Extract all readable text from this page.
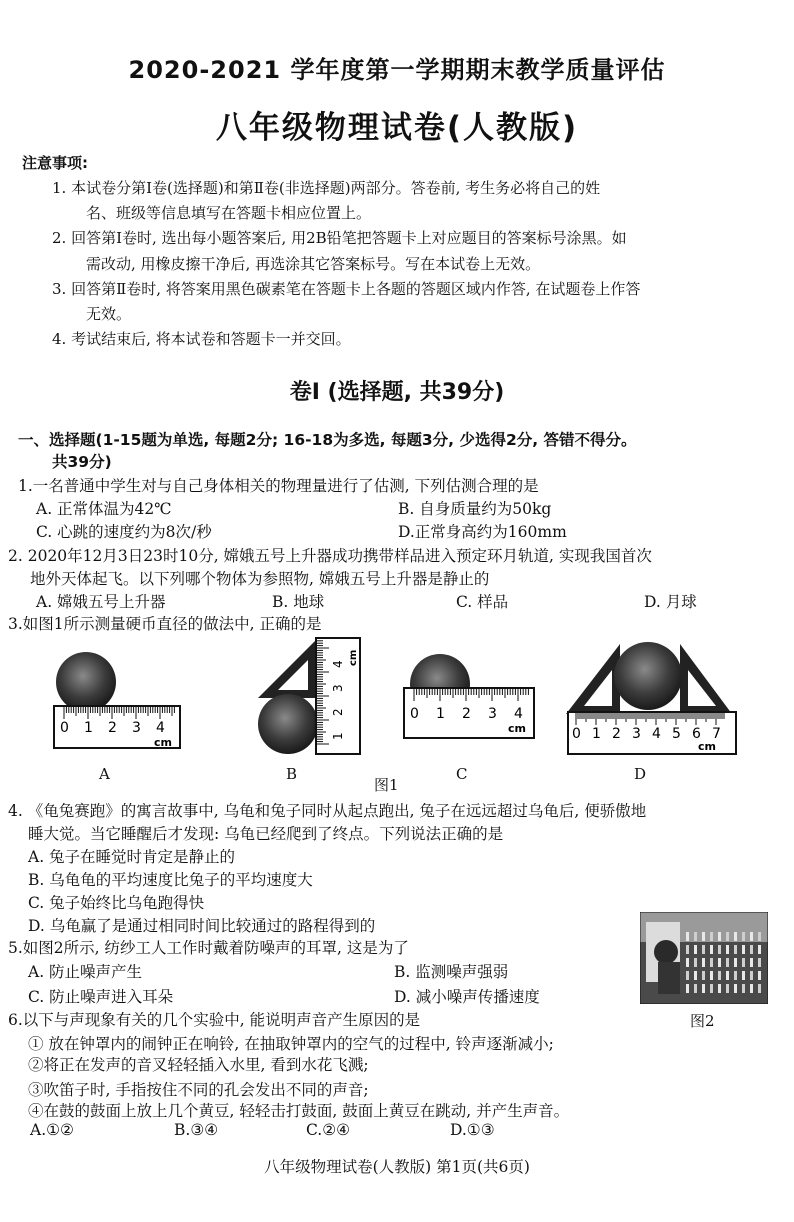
2020-2021 学年度第一学期期末教学质量评估
八年级物理试卷(人教版)
注意事项:
1. 本试卷分第Ⅰ卷(选择题)和第Ⅱ卷(非选择题)两部分。答卷前, 考生务必将自己的姓
名、班级等信息填写在答题卡相应位置上。
2. 回答第Ⅰ卷时, 选出每小题答案后, 用2B铅笔把答题卡上对应题目的答案标号涂黑。如
需改动, 用橡皮擦干净后, 再选涂其它答案标号。写在本试卷上无效。
3. 回答第Ⅱ卷时, 将答案用黑色碳素笔在答题卡上各题的答题区域内作答, 在试题卷上作答
无效。
4. 考试结束后, 将本试卷和答题卡一并交回。
卷I (选择题, 共39分)
一、选择题(1-15题为单选, 每题2分; 16-18为多选, 每题3分, 少选得2分, 答错不得分。
共39分)
1.一名普通中学生对与自己身体相关的物理量进行了估测, 下列估测合理的是
A. 正常体温为42℃	B. 自身质量约为50kg
C. 心跳的速度约为8次/秒	D.正常身高约为160mm
2. 2020年12月3日23时10分, 嫦娥五号上升器成功携带样品进入预定环月轨道, 实现我国首次
地外天体起飞。以下列哪个物体为参照物, 嫦娥五号上升器是静止的
A. 嫦娥五号上升器	B. 地球	C. 样品	D. 月球
3.如图1所示测量硬币直径的做法中, 正确的是
0 1 2 3 4
cm	1
2
3
4 cm
0 1 2 3 4
cm	0 1 2 3 4 5 6 7
cm
A	B
图1
C	D
4. 《龟兔赛跑》的寓言故事中, 乌龟和兔子同时从起点跑出, 兔子在远远超过乌龟后, 便骄傲地
睡大觉。当它睡醒后才发现: 乌龟已经爬到了终点。下列说法正确的是
A. 兔子在睡觉时肯定是静止的
B. 乌龟龟的平均速度比兔子的平均速度大
C. 兔子始终比乌龟跑得快
D. 乌龟赢了是通过相同时间比较通过的路程得到的
图2
5.如图2所示, 纺纱工人工作时戴着防噪声的耳罩, 这是为了
A. 防止噪声产生	B. 监测噪声强弱
C. 防止噪声进入耳朵	D. 减小噪声传播速度
6.以下与声现象有关的几个实验中, 能说明声音产生原因的是
① 放在钟罩内的闹钟正在响铃, 在抽取钟罩内的空气的过程中, 铃声逐渐减小;
②将正在发声的音叉轻轻插入水里, 看到水花飞溅;
③吹笛子时, 手指按住不同的孔会发出不同的声音;
④在鼓的鼓面上放上几个黄豆, 轻轻击打鼓面, 鼓面上黄豆在跳动, 并产生声音。
A.①②	B.③④	C.②④	D.①③
八年级物理试卷(人教版) 第1页(共6页)
